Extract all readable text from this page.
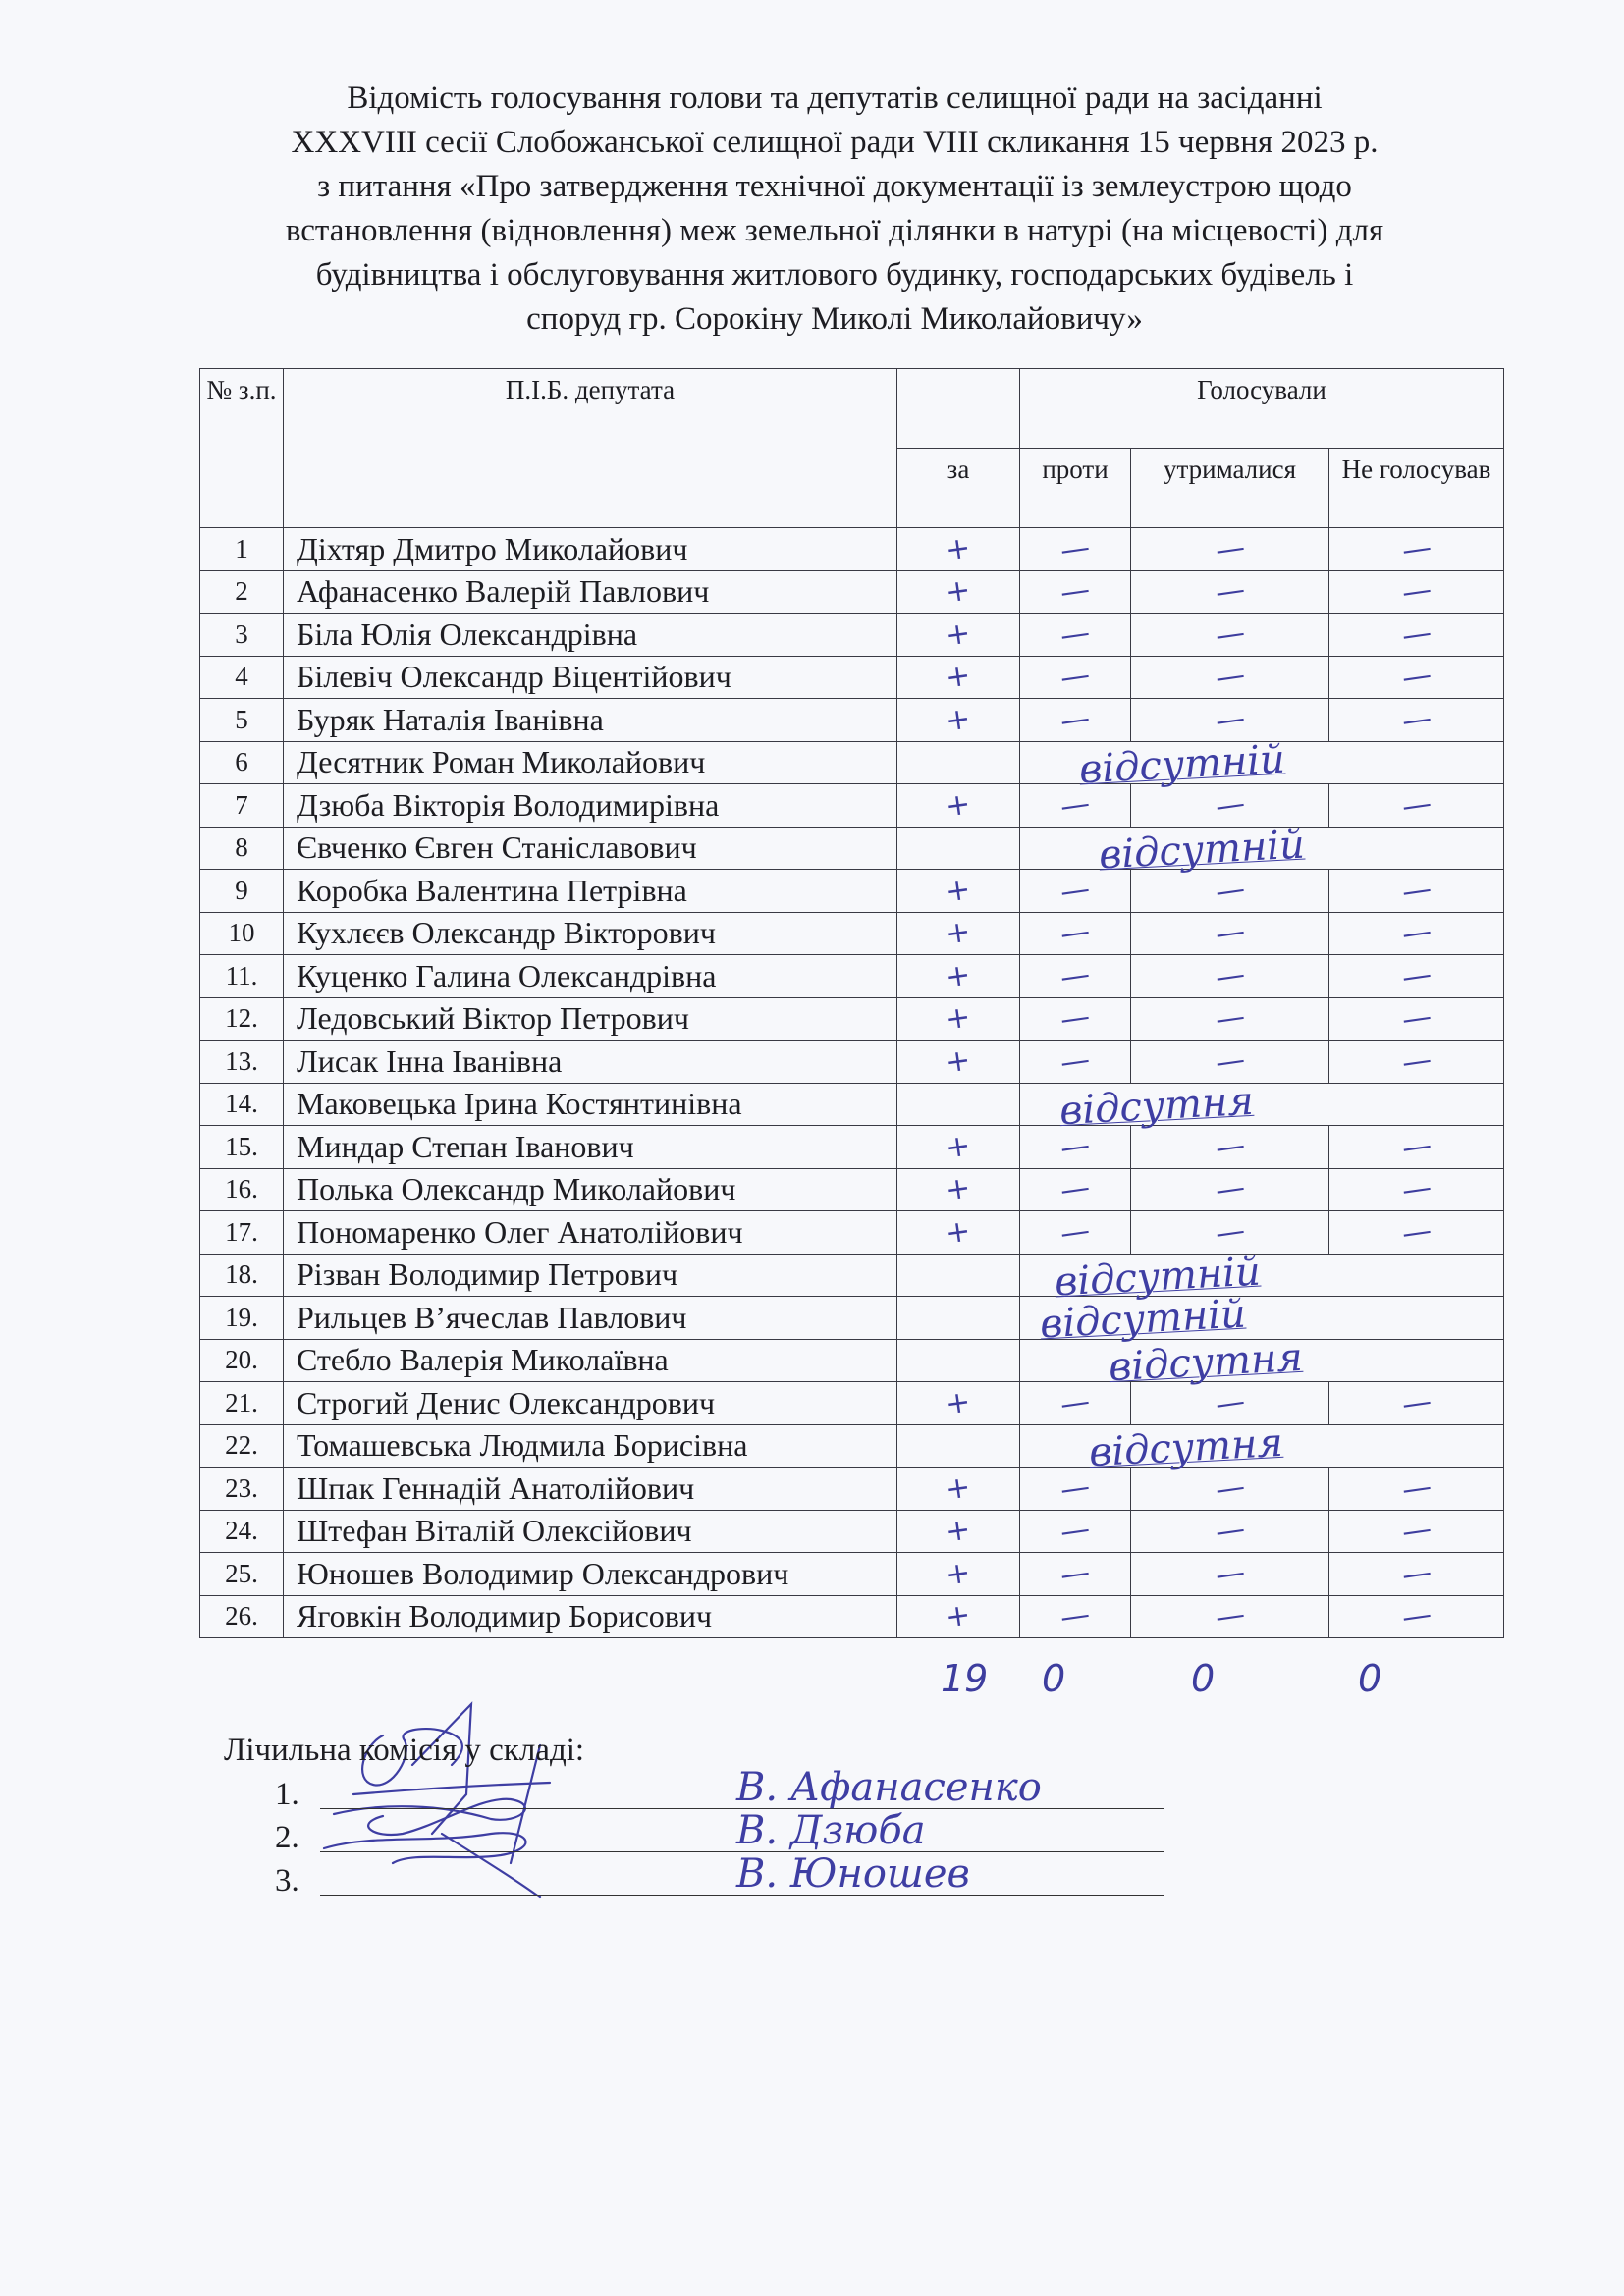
Відомість голосування голови та депутатів селищної ради на засіданні
XXXVIII сесії Слобожанської селищної ради VIII скликання 15 червня 2023 р.
з питання «Про затвердження технічної документації із землеустрою щодо
встановлення (відновлення) меж земельної ділянки в натурі (на місцевості) для
будівництва і обслуговування житлового будинку, господарських будівель і
споруд гр. Сорокіну Миколі Миколайовичу»
№ з.п.	П.І.Б. депутата		Голосували			
		за	проти	утрималися	Не голосував	
1	Діхтяр Дмитро Миколайович	+	—	—	—	
2	Афанасенко Валерій Павлович	+	—	—	—	
3	Біла Юлія Олександрівна	+	—	—	—	
4	Білевіч Олександр Віцентійович	+	—	—	—	
5	Буряк Наталія Іванівна	+	—	—	—	
6	Десятник Роман Миколайович		відсутній			

7	Дзюба Вікторія Володимирівна	+	—	—	—	
8	Євченко Євген Станіславович		відсутній			

9	Коробка Валентина Петрівна	+	—	—	—	
10	Кухлєєв Олександр Вікторович	+	—	—	—	
11.	Куценко Галина Олександрівна	+	—	—	—	
12.	Ледовський Віктор Петрович	+	—	—	—	
13.	Лисак Інна Іванівна	+	—	—	—	
14.	Маковецька Ірина Костянтинівна		відсутня			

15.	Миндар Степан Іванович	+	—	—	—	
16.	Полька Олександр Миколайович	+	—	—	—	
17.	Пономаренко Олег Анатолійович	+	—	—	—	
18.	Різван Володимир Петрович		відсутній			

19.	Рильцев В’ячеслав Павлович		відсутній			

20.	Стебло Валерія Миколаївна		відсутня			

21.	Строгий Денис Олександрович	+	—	—	—	
22.	Томашевська Людмила Борисівна		відсутня			

23.	Шпак Геннадій Анатолійович	+	—	—	—	
24.	Штефан Віталій Олексійович	+	—	—	—	
25.	Юношев Володимир Олександрович	+	—	—	—	
26.	Яговкін Володимир Борисович	+	—	—	—	
19 0	0	0
Лічильна комісія у складі:
1.	В. Афанасенко
2.	В. Дзюба
3.	В. Юношев
